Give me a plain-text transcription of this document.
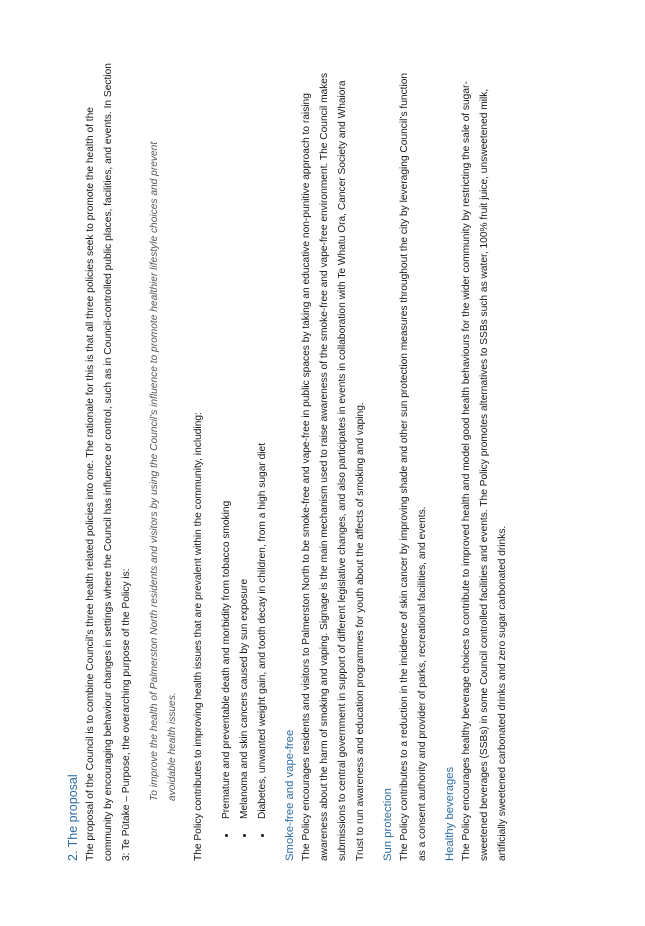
2. The proposal The proposal of the Council is to combine Council’s three health related policies into one. The rationale for this is that all three policies seek to promote the health of the community by encouraging behaviour changes in settings where the Council has influence or control, such as in Council-controlled public places, facilities, and events. In Section 3: Te Pūtake – Purpose, the overarching purpose of the Policy is:	To improve the health of Palmerston North residents and visitors by using the Council’s influence to promote healthier lifestyle choices and prevent avoidable health issues.	The Policy contributes to improving health issues that are prevalent within the community, including:	• Premature and preventable death and morbidity from tobacco smoking • Melanoma and skin cancers caused by sun exposure • Diabetes, unwanted weight gain, and tooth decay in children, from a high sugar diet	Smoke-free and vape-free The Policy encourages residents and visitors to Palmerston North to be smoke-free and vape-free in public spaces by taking an educative non-punitive approach to raising awareness about the harm of smoking and vaping. Signage is the main mechanism used to raise awareness of the smoke-free and vape-free environment. The Council makes submissions to central government in support of different legislative changes, and also participates in events in collaboration with Te Whatu Ora, Cancer Society and Whaiora Trust to run awareness and education programmes for youth about the affects of smoking and vaping.	Sun protection The Policy contributes to a reduction in the incidence of skin cancer by improving shade and other sun protection measures throughout the city by leveraging Council’s function as a consent authority and provider of parks, recreational facilities, and events.	Healthy beverages The Policy encourages healthy beverage choices to contribute to improved health and model good health behaviours for the wider community by restricting the sale of sugar-sweetened beverages (SSBs) in some Council controlled facilities and events. The Policy promotes alternatives to SSBs such as water, 100% fruit juice, unsweetened milk, artificially sweetened carbonated drinks and zero sugar carbonated drinks.
